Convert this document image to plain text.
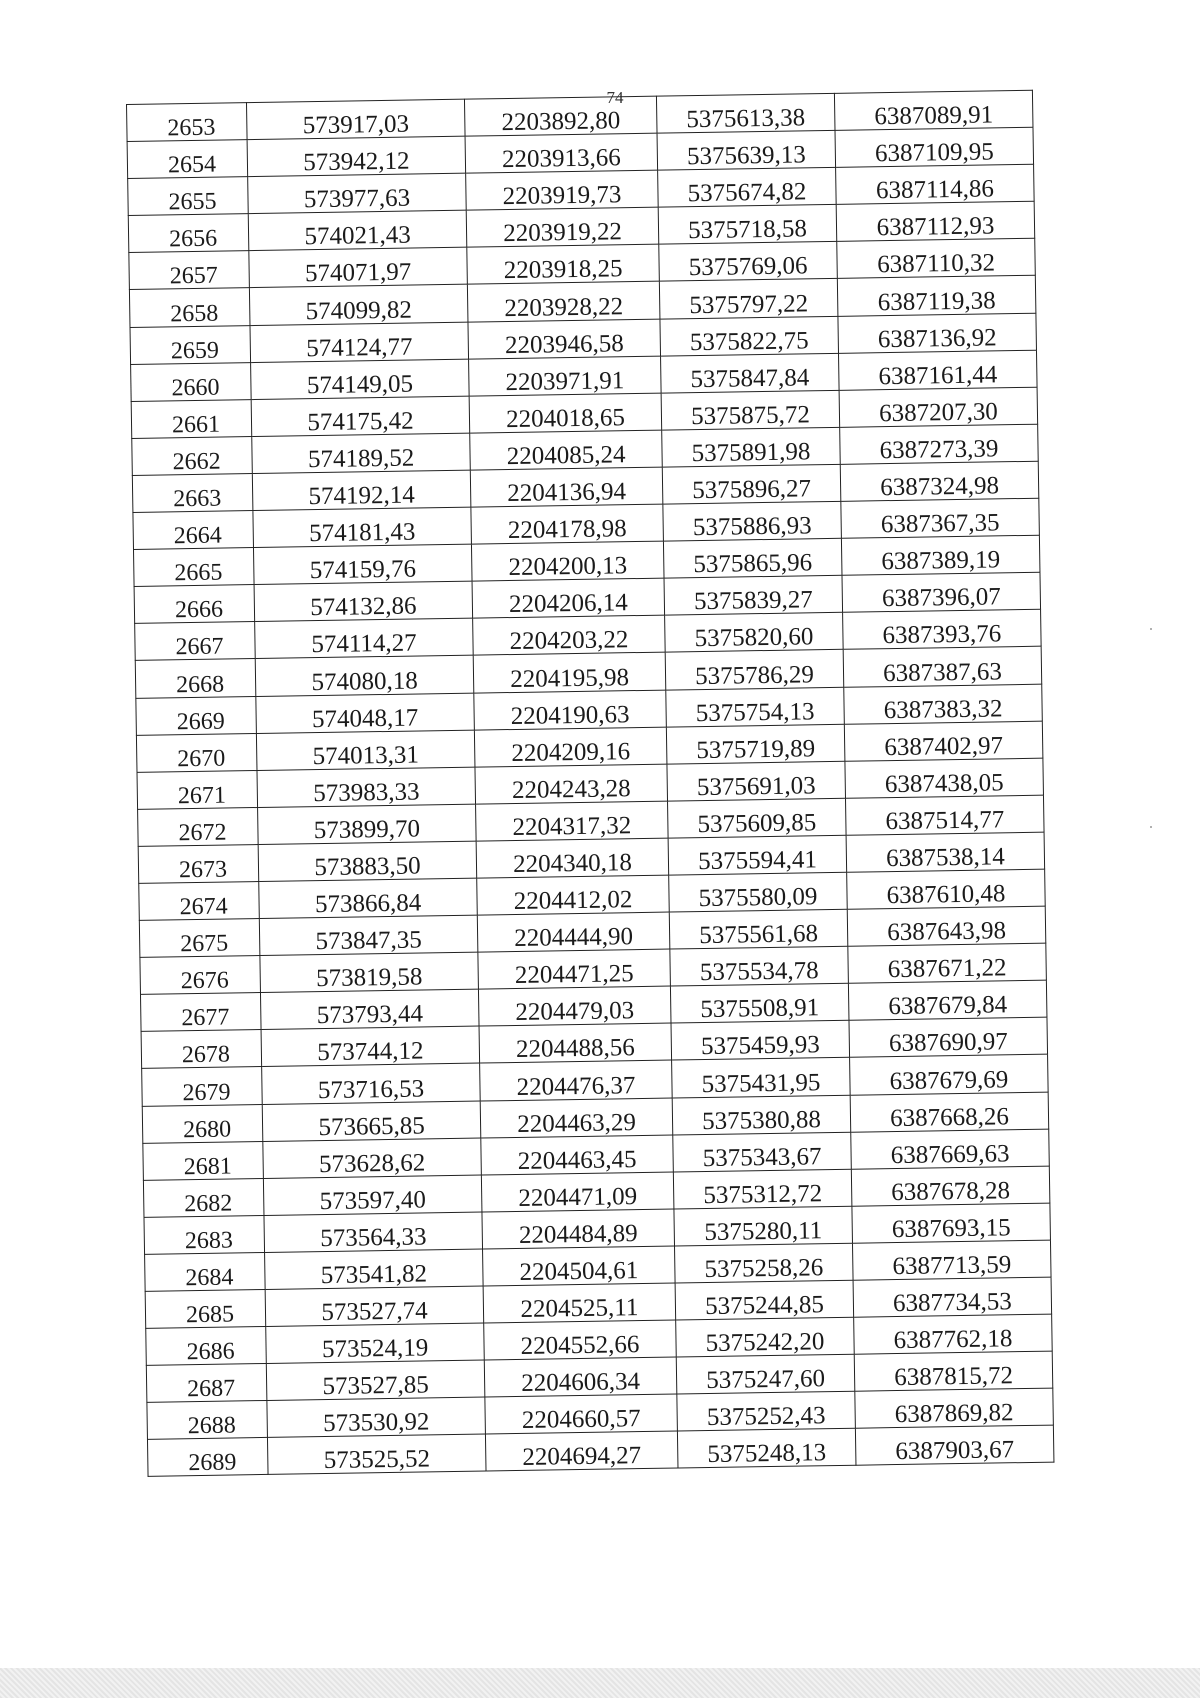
74
2653	573917,03	2203892,80	5375613,38	6387089,91
2654	573942,12	2203913,66	5375639,13	6387109,95
2655	573977,63	2203919,73	5375674,82	6387114,86
2656	574021,43	2203919,22	5375718,58	6387112,93
2657	574071,97	2203918,25	5375769,06	6387110,32
2658	574099,82	2203928,22	5375797,22	6387119,38
2659	574124,77	2203946,58	5375822,75	6387136,92
2660	574149,05	2203971,91	5375847,84	6387161,44
2661	574175,42	2204018,65	5375875,72	6387207,30
2662	574189,52	2204085,24	5375891,98	6387273,39
2663	574192,14	2204136,94	5375896,27	6387324,98
2664	574181,43	2204178,98	5375886,93	6387367,35
2665	574159,76	2204200,13	5375865,96	6387389,19
2666	574132,86	2204206,14	5375839,27	6387396,07
2667	574114,27	2204203,22	5375820,60	6387393,76
2668	574080,18	2204195,98	5375786,29	6387387,63
2669	574048,17	2204190,63	5375754,13	6387383,32
2670	574013,31	2204209,16	5375719,89	6387402,97
2671	573983,33	2204243,28	5375691,03	6387438,05
2672	573899,70	2204317,32	5375609,85	6387514,77
2673	573883,50	2204340,18	5375594,41	6387538,14
2674	573866,84	2204412,02	5375580,09	6387610,48
2675	573847,35	2204444,90	5375561,68	6387643,98
2676	573819,58	2204471,25	5375534,78	6387671,22
2677	573793,44	2204479,03	5375508,91	6387679,84
2678	573744,12	2204488,56	5375459,93	6387690,97
2679	573716,53	2204476,37	5375431,95	6387679,69
2680	573665,85	2204463,29	5375380,88	6387668,26
2681	573628,62	2204463,45	5375343,67	6387669,63
2682	573597,40	2204471,09	5375312,72	6387678,28
2683	573564,33	2204484,89	5375280,11	6387693,15
2684	573541,82	2204504,61	5375258,26	6387713,59
2685	573527,74	2204525,11	5375244,85	6387734,53
2686	573524,19	2204552,66	5375242,20	6387762,18
2687	573527,85	2204606,34	5375247,60	6387815,72
2688	573530,92	2204660,57	5375252,43	6387869,82
2689	573525,52	2204694,27	5375248,13	6387903,67
